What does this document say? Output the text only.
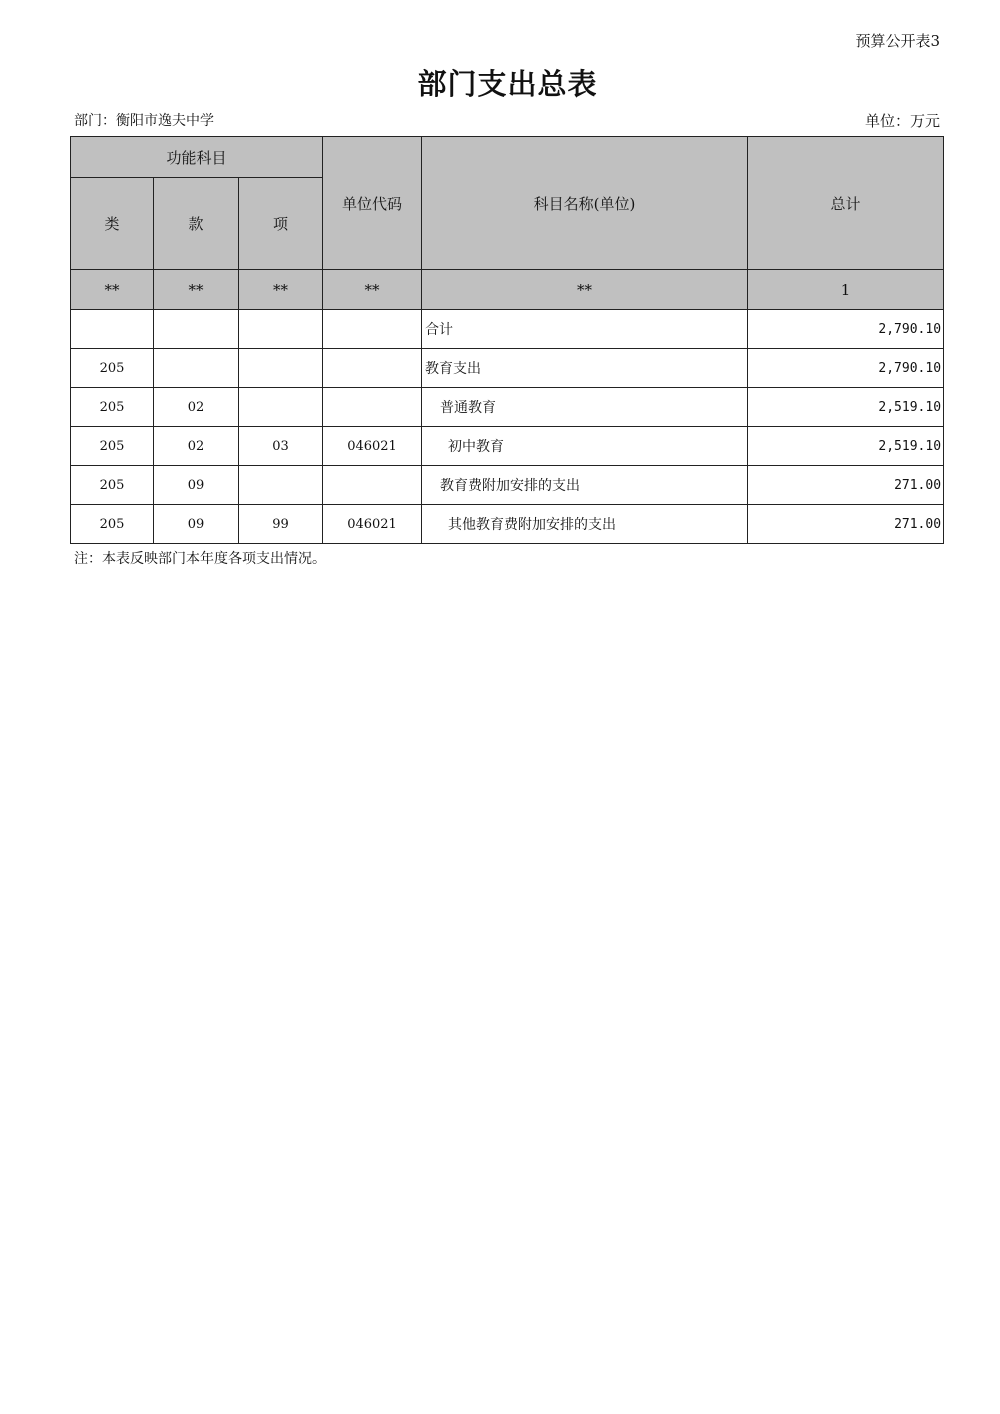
预算公开表3
部门支出总表
部门：衡阳市逸夫中学	单位：万元
功能科目			单位代码	科目名称(单位)	总计
类	款	项			
**	**	**	**	**	1
				合计	2,790.10
205				教育支出	2,790.10
205	02			普通教育	2,519.10
205	02	03	046021	初中教育	2,519.10
205	09			教育费附加安排的支出	271.00
205	09	99	046021	其他教育费附加安排的支出	271.00
注：本表反映部门本年度各项支出情况。
